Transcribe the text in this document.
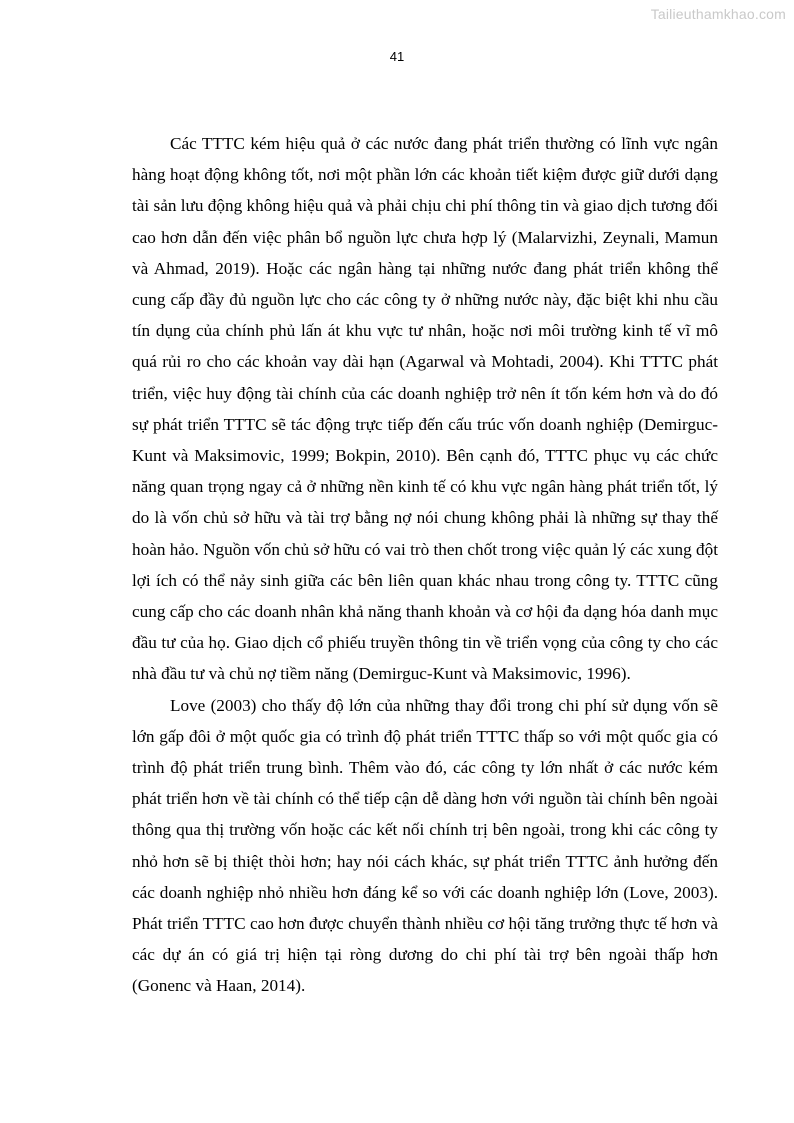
Tailieuthamkhao.com
41

Các TTTC kém hiệu quả ở các nước đang phát triển thường có lĩnh vực ngân hàng hoạt động không tốt, nơi một phần lớn các khoản tiết kiệm được giữ dưới dạng tài sản lưu động không hiệu quả và phải chịu chi phí thông tin và giao dịch tương đối cao hơn dẫn đến việc phân bổ nguồn lực chưa hợp lý (Malarvizhi, Zeynali, Mamun và Ahmad, 2019). Hoặc các ngân hàng tại những nước đang phát triển không thể cung cấp đầy đủ nguồn lực cho các công ty ở những nước này, đặc biệt khi nhu cầu tín dụng của chính phủ lấn át khu vực tư nhân, hoặc nơi môi trường kinh tế vĩ mô quá rủi ro cho các khoản vay dài hạn (Agarwal và Mohtadi, 2004). Khi TTTC phát triển, việc huy động tài chính của các doanh nghiệp trở nên ít tốn kém hơn và do đó sự phát triển TTTC sẽ tác động trực tiếp đến cấu trúc vốn doanh nghiệp (Demirguc-Kunt và Maksimovic, 1999; Bokpin, 2010). Bên cạnh đó, TTTC phục vụ các chức năng quan trọng ngay cả ở những nền kinh tế có khu vực ngân hàng phát triển tốt, lý do là vốn chủ sở hữu và tài trợ bằng nợ nói chung không phải là những sự thay thế hoàn hảo. Nguồn vốn chủ sở hữu có vai trò then chốt trong việc quản lý các xung đột lợi ích có thể nảy sinh giữa các bên liên quan khác nhau trong công ty. TTTC cũng cung cấp cho các doanh nhân khả năng thanh khoản và cơ hội đa dạng hóa danh mục đầu tư của họ. Giao dịch cổ phiếu truyền thông tin về triển vọng của công ty cho các nhà đầu tư và chủ nợ tiềm năng (Demirguc-Kunt và Maksimovic, 1996).

Love (2003) cho thấy độ lớn của những thay đổi trong chi phí sử dụng vốn sẽ lớn gấp đôi ở một quốc gia có trình độ phát triển TTTC thấp so với một quốc gia có trình độ phát triển trung bình. Thêm vào đó, các công ty lớn nhất ở các nước kém phát triển hơn về tài chính có thể tiếp cận dễ dàng hơn với nguồn tài chính bên ngoài thông qua thị trường vốn hoặc các kết nối chính trị bên ngoài, trong khi các công ty nhỏ hơn sẽ bị thiệt thòi hơn; hay nói cách khác, sự phát triển TTTC ảnh hưởng đến các doanh nghiệp nhỏ nhiều hơn đáng kể so với các doanh nghiệp lớn (Love, 2003). Phát triển TTTC cao hơn được chuyển thành nhiều cơ hội tăng trưởng thực tế hơn và các dự án có giá trị hiện tại ròng dương do chi phí tài trợ bên ngoài thấp hơn (Gonenc và Haan, 2014).
